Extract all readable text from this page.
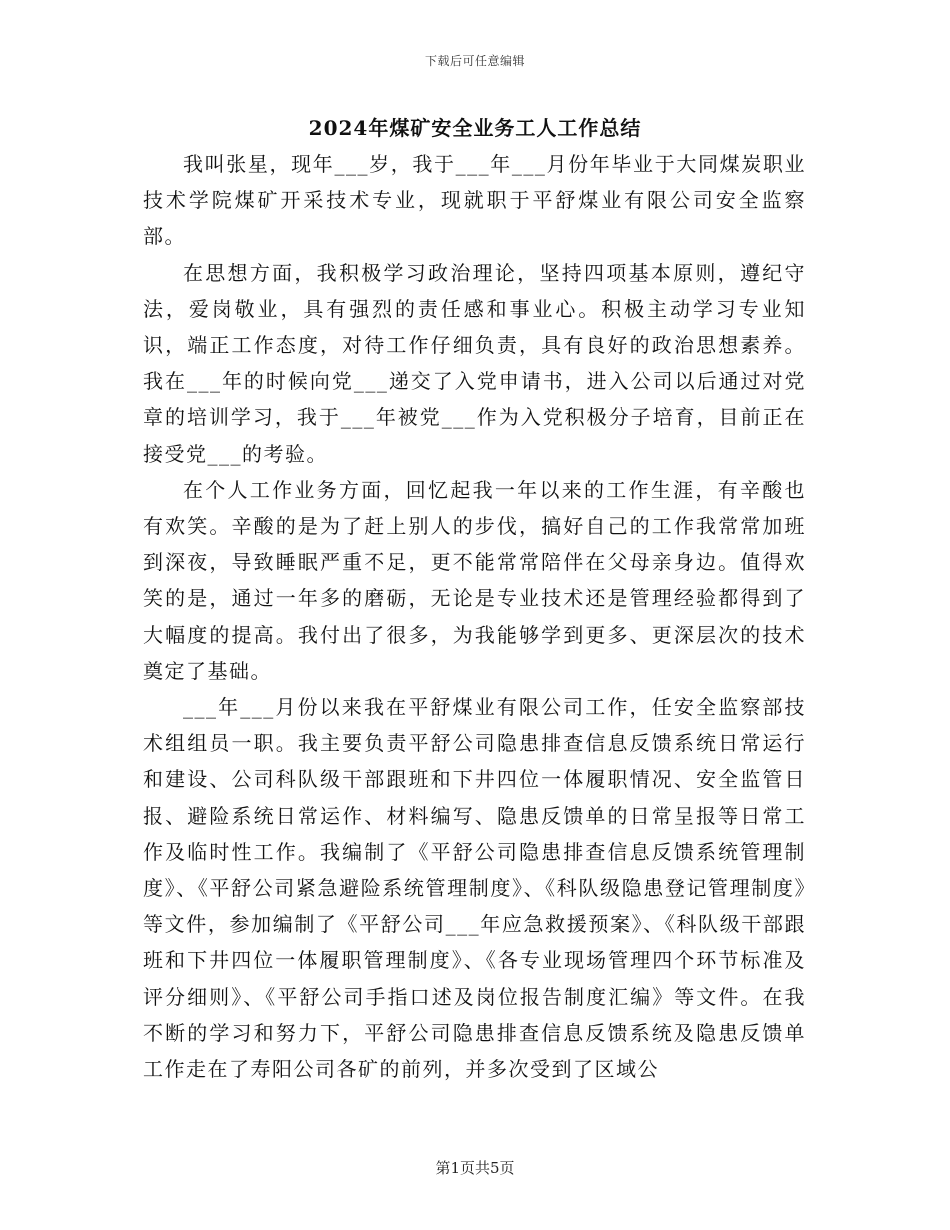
下载后可任意编辑
2024年煤矿安全业务工人工作总结

我叫张星，现年___岁，我于___年___月份年毕业于大同煤炭职业技术学院煤矿开采技术专业，现就职于平舒煤业有限公司安全监察部。

在思想方面，我积极学习政治理论，坚持四项基本原则，遵纪守法，爱岗敬业，具有强烈的责任感和事业心。积极主动学习专业知识，端正工作态度，对待工作仔细负责，具有良好的政治思想素养。我在___年的时候向党___递交了入党申请书，进入公司以后通过对党章的培训学习，我于___年被党___作为入党积极分子培育，目前正在接受党___的考验。

在个人工作业务方面，回忆起我一年以来的工作生涯，有辛酸也有欢笑。辛酸的是为了赶上别人的步伐，搞好自己的工作我常常加班到深夜，导致睡眠严重不足，更不能常常陪伴在父母亲身边。值得欢笑的是，通过一年多的磨砺，无论是专业技术还是管理经验都得到了大幅度的提高。我付出了很多，为我能够学到更多、更深层次的技术奠定了基础。

___年___月份以来我在平舒煤业有限公司工作，任安全监察部技术组组员一职。我主要负责平舒公司隐患排查信息反馈系统日常运行和建设、公司科队级干部跟班和下井四位一体履职情况、安全监管日报、避险系统日常运作、材料编写、隐患反馈单的日常呈报等日常工作及临时性工作。我编制了《平舒公司隐患排查信息反馈系统管理制度》、《平舒公司紧急避险系统管理制度》、《科队级隐患登记管理制度》等文件，参加编制了《平舒公司___年应急救援预案》、《科队级干部跟班和下井四位一体履职管理制度》、《各专业现场管理四个环节标准及评分细则》、《平舒公司手指口述及岗位报告制度汇编》等文件。在我不断的学习和努力下，平舒公司隐患排查信息反馈系统及隐患反馈单工作走在了寿阳公司各矿的前列，并多次受到了区域公

第1页共5页
